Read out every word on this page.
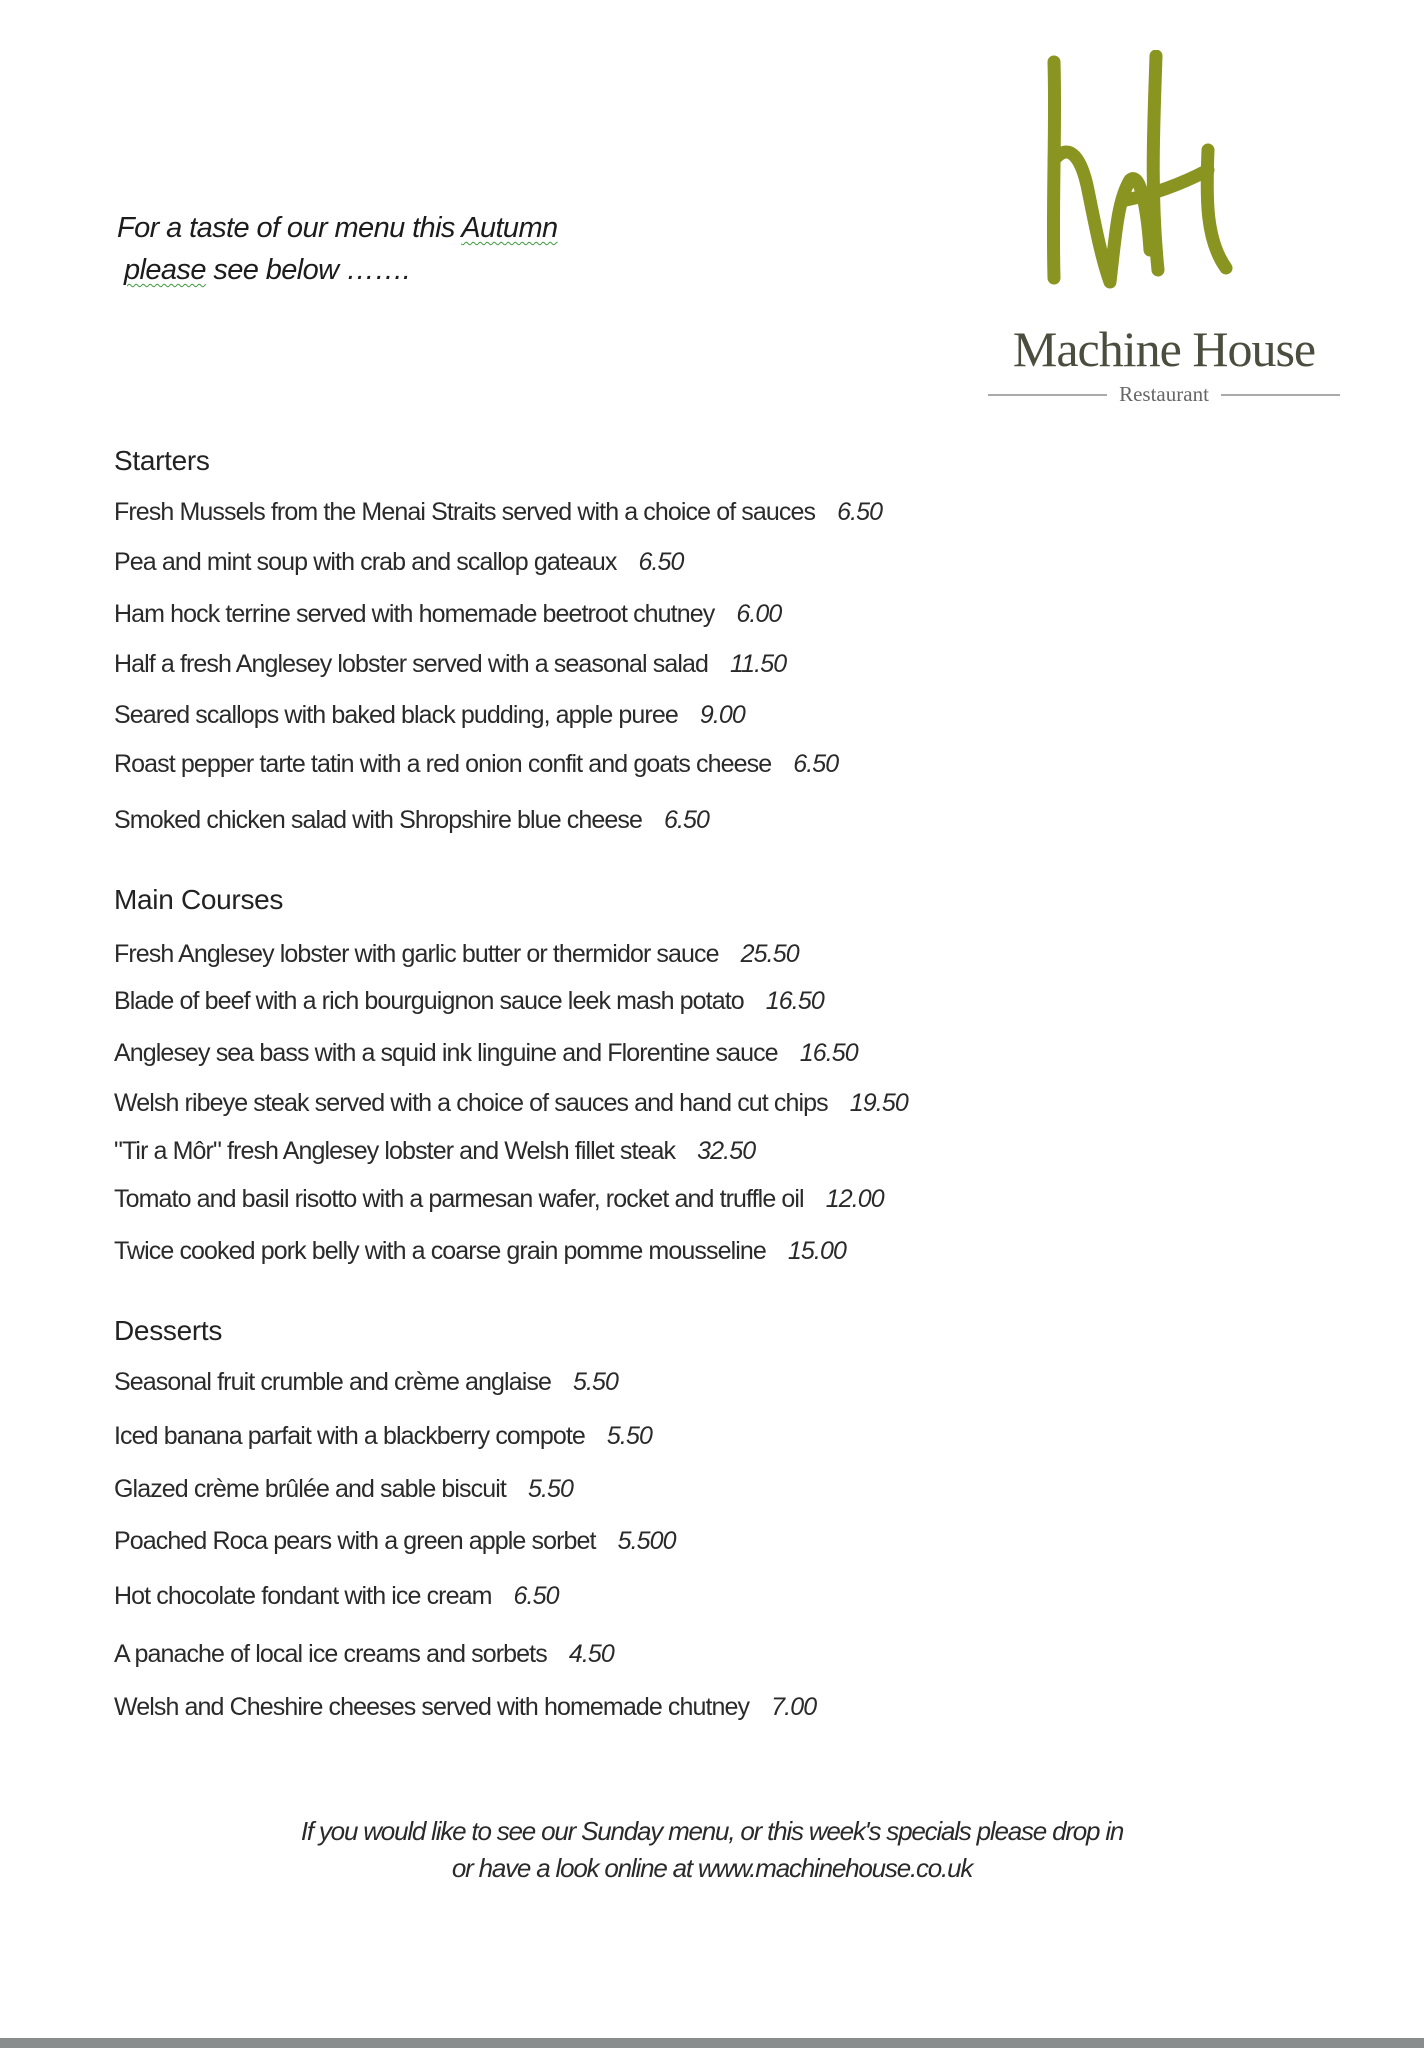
For a taste of our menu this Autumn
please see below …….
Machine House
Restaurant
Starters
Fresh Mussels from the Menai Straits served with a choice of sauces 6.50
Pea and mint soup with crab and scallop gateaux 6.50
Ham hock terrine served with homemade beetroot chutney 6.00
Half a fresh Anglesey lobster served with a seasonal salad 11.50
Seared scallops with baked black pudding, apple puree 9.00
Roast pepper tarte tatin with a red onion confit and goats cheese 6.50
Smoked chicken salad with Shropshire blue cheese 6.50
Main Courses
Fresh Anglesey lobster with garlic butter or thermidor sauce 25.50
Blade of beef with a rich bourguignon sauce leek mash potato 16.50
Anglesey sea bass with a squid ink linguine and Florentine sauce 16.50
Welsh ribeye steak served with a choice of sauces and hand cut chips 19.50
"Tir a Môr" fresh Anglesey lobster and Welsh fillet steak 32.50
Tomato and basil risotto with a parmesan wafer, rocket and truffle oil 12.00
Twice cooked pork belly with a coarse grain pomme mousseline 15.00
Desserts
Seasonal fruit crumble and crème anglaise 5.50
Iced banana parfait with a blackberry compote 5.50
Glazed crème brûlée and sable biscuit 5.50
Poached Roca pears with a green apple sorbet 5.500
Hot chocolate fondant with ice cream 6.50
A panache of local ice creams and sorbets 4.50
Welsh and Cheshire cheeses served with homemade chutney 7.00
If you would like to see our Sunday menu, or this week's specials please drop in
or have a look online at www.machinehouse.co.uk
